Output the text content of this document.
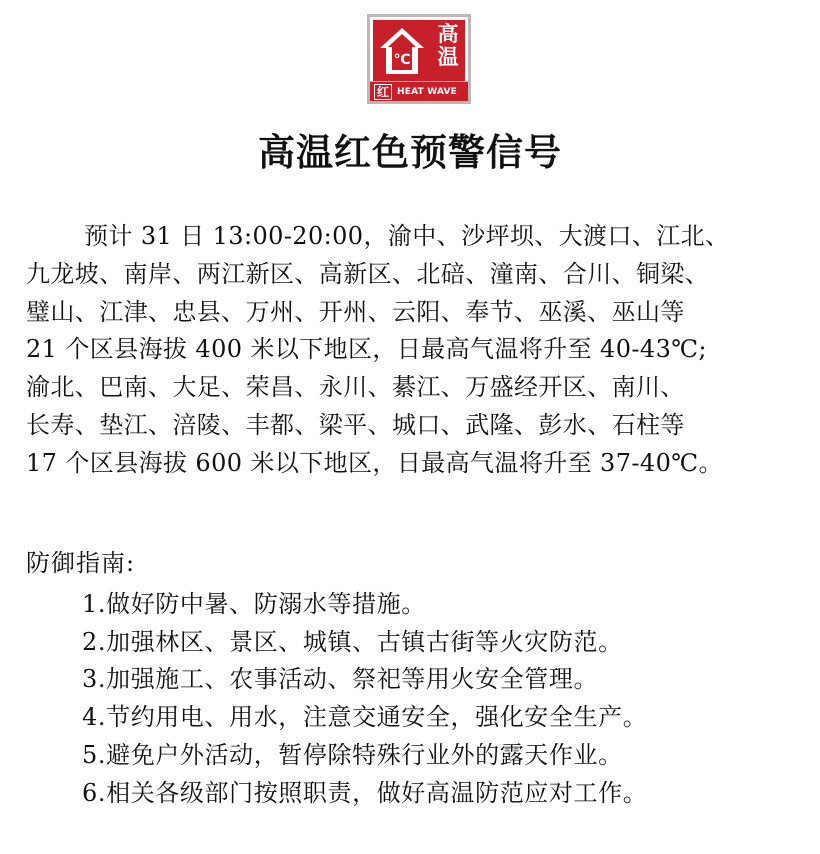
℃
高
温
红 HEAT WAVE
高温红色预警信号

预计 31 日 13:00-20:00，渝中、沙坪坝、大渡口、江北、

九龙坡、南岸、两江新区、高新区、北碚、潼南、合川、铜梁、

璧山、江津、忠县、万州、开州、云阳、奉节、巫溪、巫山等

21 个区县海拔 400 米以下地区，日最高气温将升至 40-43℃;

渝北、巴南、大足、荣昌、永川、綦江、万盛经开区、南川、

长寿、垫江、涪陵、丰都、梁平、城口、武隆、彭水、石柱等

17 个区县海拔 600 米以下地区，日最高气温将升至 37-40℃。

防御指南:
1.做好防中暑、防溺水等措施。
2.加强林区、景区、城镇、古镇古街等火灾防范。
3.加强施工、农事活动、祭祀等用火安全管理。
4.节约用电、用水，注意交通安全，强化安全生产。
5.避免户外活动，暂停除特殊行业外的露天作业。
6.相关各级部门按照职责，做好高温防范应对工作。
